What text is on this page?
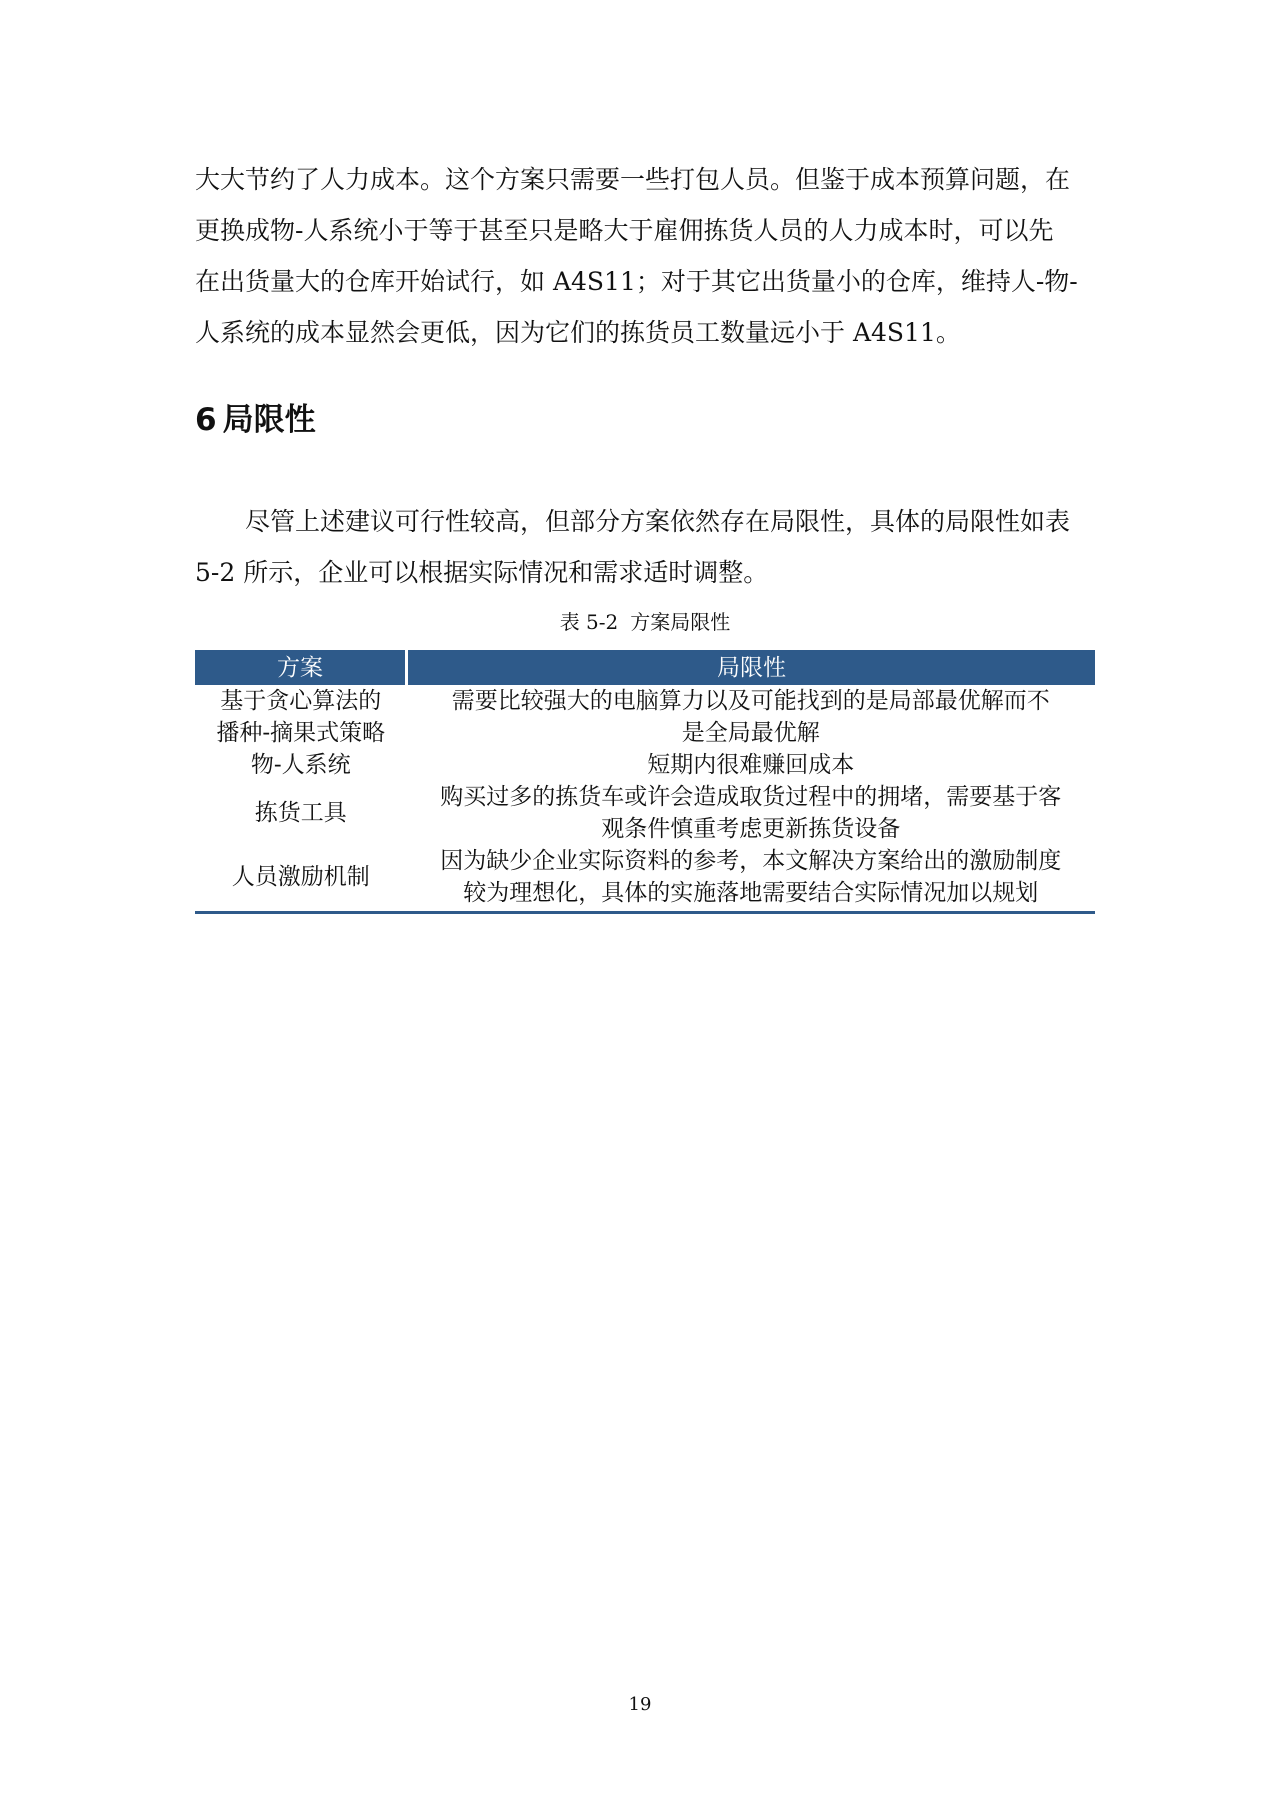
大大节约了人力成本。这个方案只需要一些打包人员。但鉴于成本预算问题，在
更换成物-人系统小于等于甚至只是略大于雇佣拣货人员的人力成本时，可以先
在出货量大的仓库开始试行，如 A4S11；对于其它出货量小的仓库，维持人-物-
人系统的成本显然会更低，因为它们的拣货员工数量远小于 A4S11。

6 局限性

尽管上述建议可行性较高，但部分方案依然存在局限性，具体的局限性如表
5-2 所示，企业可以根据实际情况和需求适时调整。

表 5-2 方案局限性
方案	局限性

基于贪心算法的
播种-摘果式策略	需要比较强大的电脑算力以及可能找到的是局部最优解而不
是全局最优解

物-人系统	短期内很难赚回成本

拣货工具	购买过多的拣货车或许会造成取货过程中的拥堵，需要基于客
观条件慎重考虑更新拣货设备

人员激励机制	因为缺少企业实际资料的参考，本文解决方案给出的激励制度
较为理想化，具体的实施落地需要结合实际情况加以规划
19
